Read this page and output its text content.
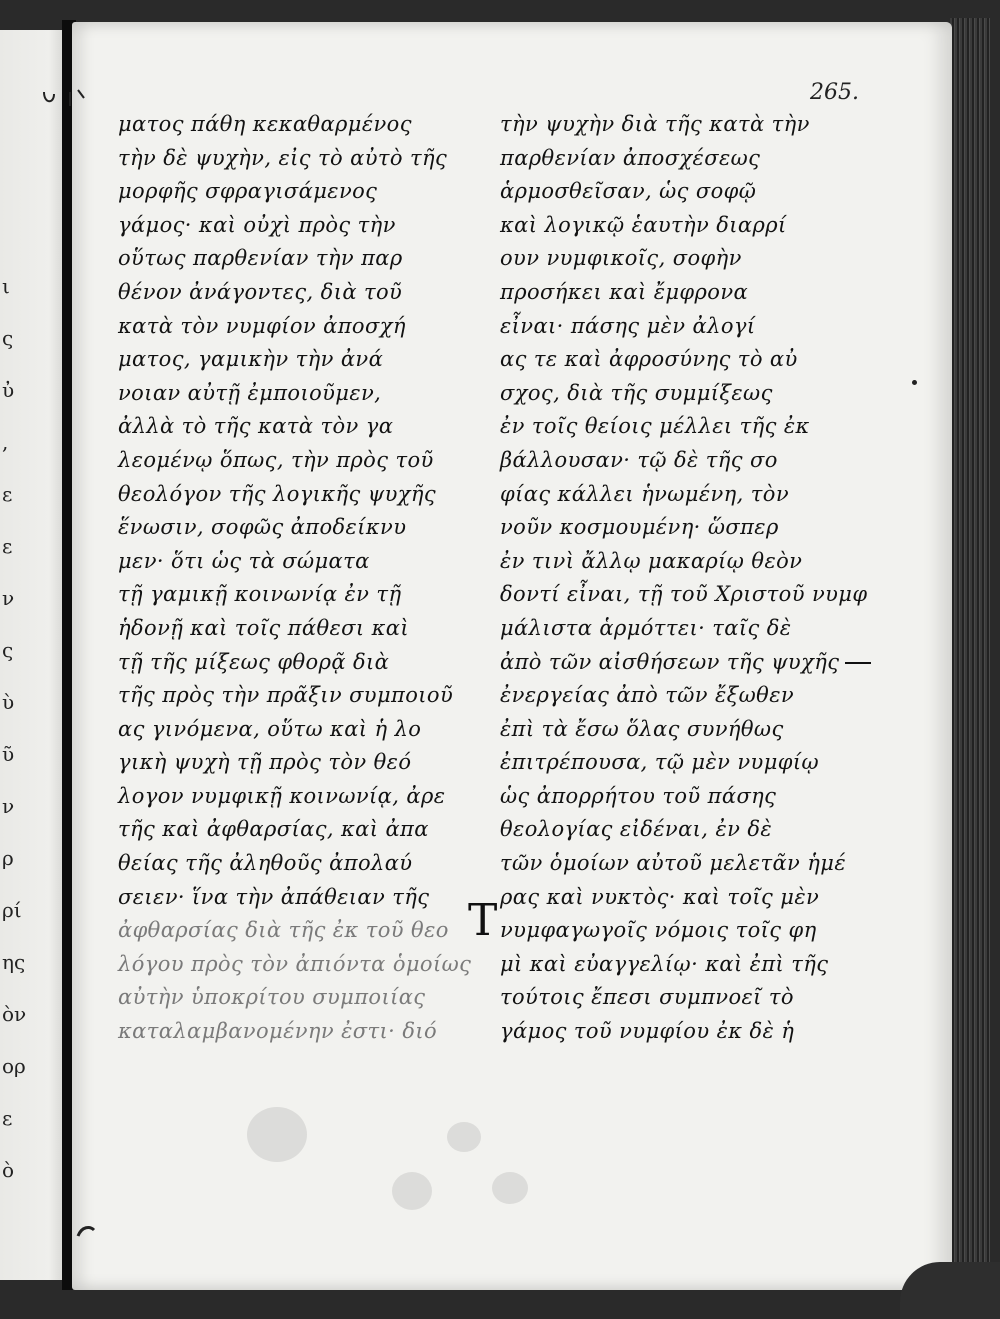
ι
ς
ὐ
,
ε
ε
ν
ς
ὺ
ῦ
ν
ρ
ρί
ης
ὸν
ορ
ε
ὸ
265.
ματος πάθη κεκαθαρμένος
τὴν δὲ ψυχὴν, εἰς τὸ αὐτὸ τῆς
μορφῆς σφραγισάμενος
γάμος· καὶ οὐχὶ πρὸς τὴν
οὕτως παρθενίαν τὴν παρ
θένον ἀνάγοντες, διὰ τοῦ
κατὰ τὸν νυμφίον ἀποσχή
ματος, γαμικὴν τὴν ἀνά
νοιαν αὐτῇ ἐμποιοῦμεν,
ἀλλὰ τὸ τῆς κατὰ τὸν γα
λεομένῳ ὅπως, τὴν πρὸς τοῦ
θεολόγον τῆς λογικῆς ψυχῆς
ἕνωσιν, σοφῶς ἀποδείκνυ
μεν· ὅτι ὡς τὰ σώματα
τῇ γαμικῇ κοινωνίᾳ ἐν τῇ
ἡδονῇ καὶ τοῖς πάθεσι καὶ
τῇ τῆς μίξεως φθορᾷ διὰ
τῆς πρὸς τὴν πρᾶξιν συμποιοῦ
ας γινόμενα, οὕτω καὶ ἡ λο
γικὴ ψυχὴ τῇ πρὸς τὸν θεό
λογον νυμφικῇ κοινωνίᾳ, ἀρε
τῆς καὶ ἀφθαρσίας, καὶ ἀπα
θείας τῆς ἀληθοῦς ἀπολαύ
σειεν· ἵνα τὴν ἀπάθειαν τῆς
ἀφθαρσίας διὰ τῆς ἐκ τοῦ θεο
λόγου πρὸς τὸν ἀπιόντα ὁμοίως
αὐτὴν ὑποκρίτου συμποιίας
καταλαμβανομένην ἐστι· διό
τὴν ψυχὴν διὰ τῆς κατὰ τὴν
παρθενίαν ἀποσχέσεως
ἁρμοσθεῖσαν, ὡς σοφῷ
καὶ λογικῷ ἑαυτὴν διαρρί
ουν νυμφικοῖς, σοφὴν
προσήκει καὶ ἔμφρονα
εἶναι· πάσης μὲν ἀλογί
ας τε καὶ ἀφροσύνης τὸ αὐ
σχος, διὰ τῆς συμμίξεως
ἐν τοῖς θείοις μέλλει τῆς ἐκ
βάλλουσαν· τῷ δὲ τῆς σο
φίας κάλλει ἡνωμένη, τὸν
νοῦν κοσμουμένη· ὥσπερ
ἐν τινὶ ἄλλῳ μακαρίῳ θεὸν
δοντί εἶναι, τῇ τοῦ Χριστοῦ νυμφ
μάλιστα ἁρμόττει· ταῖς δὲ
ἀπὸ τῶν αἰσθήσεων τῆς ψυχῆς
ἐνεργείας ἀπὸ τῶν ἔξωθεν
ἐπὶ τὰ ἔσω ὅλας συνήθως
ἐπιτρέπουσα, τῷ μὲν νυμφίῳ
ὡς ἀπορρήτου τοῦ πάσης
θεολογίας εἰδέναι, ἐν δὲ
τῶν ὁμοίων αὐτοῦ μελετᾶν ἡμέ
ρας καὶ νυκτὸς· καὶ τοῖς μὲν
νυμφαγωγοῖς νόμοις τοῖς φη
μὶ καὶ εὐαγγελίῳ· καὶ ἐπὶ τῆς
τούτοις ἔπεσι συμπνοεῖ τὸ
γάμος τοῦ νυμφίου ἐκ δὲ ἡ
Τ
